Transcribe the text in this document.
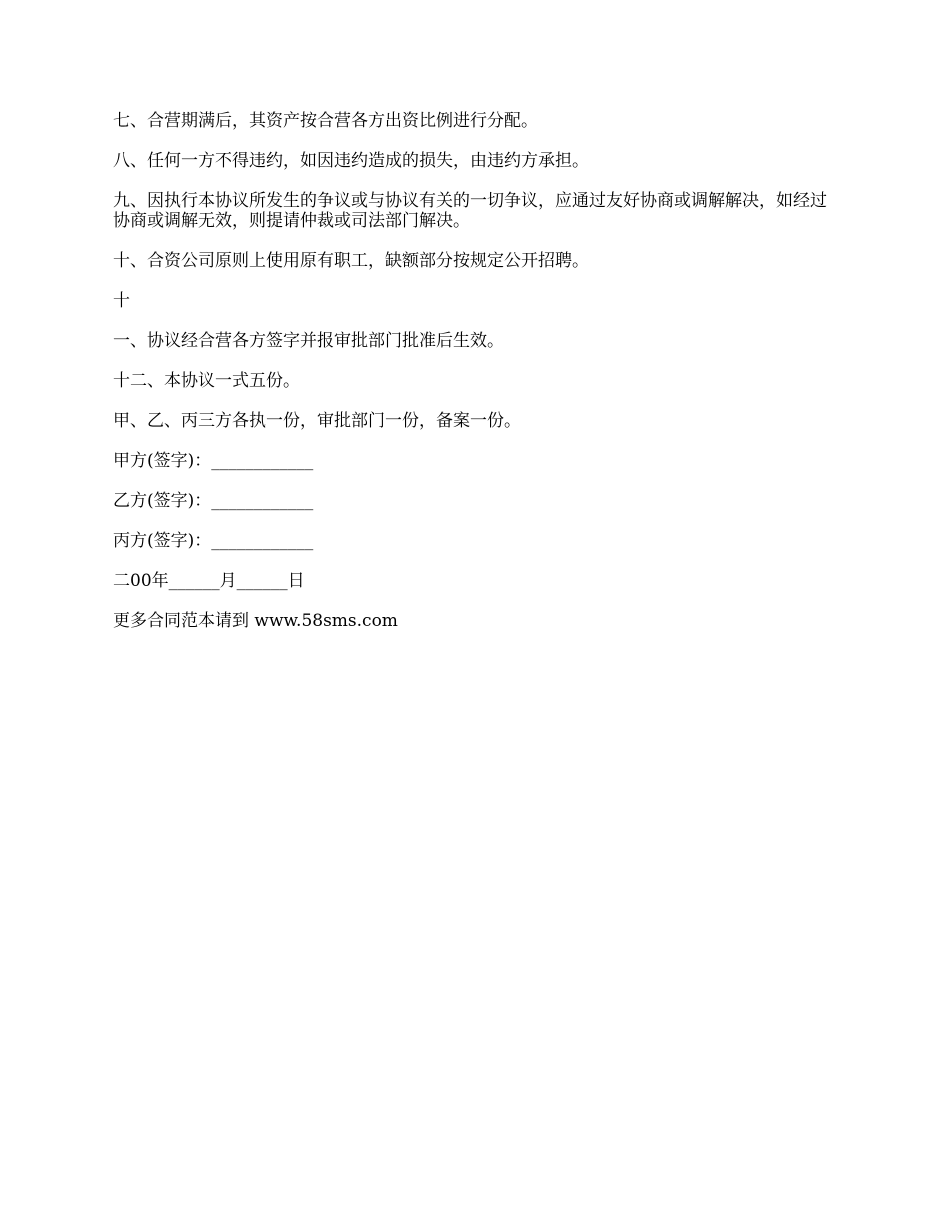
七、合营期满后，其资产按合营各方出资比例进行分配。

八、任何一方不得违约，如因违约造成的损失，由违约方承担。

九、因执行本协议所发生的争议或与协议有关的一切争议，应通过友好协商或调解解决，如经过协商或调解无效，则提请仲裁或司法部门解决。

十、合资公司原则上使用原有职工，缺额部分按规定公开招聘。

十

一、协议经合营各方签字并报审批部门批准后生效。

十二、本协议一式五份。

甲、乙、丙三方各执一份，审批部门一份，备案一份。

甲方(签字)：____________

乙方(签字)：____________

丙方(签字)：____________

二00年______月______日

更多合同范本请到 www.58sms.com
